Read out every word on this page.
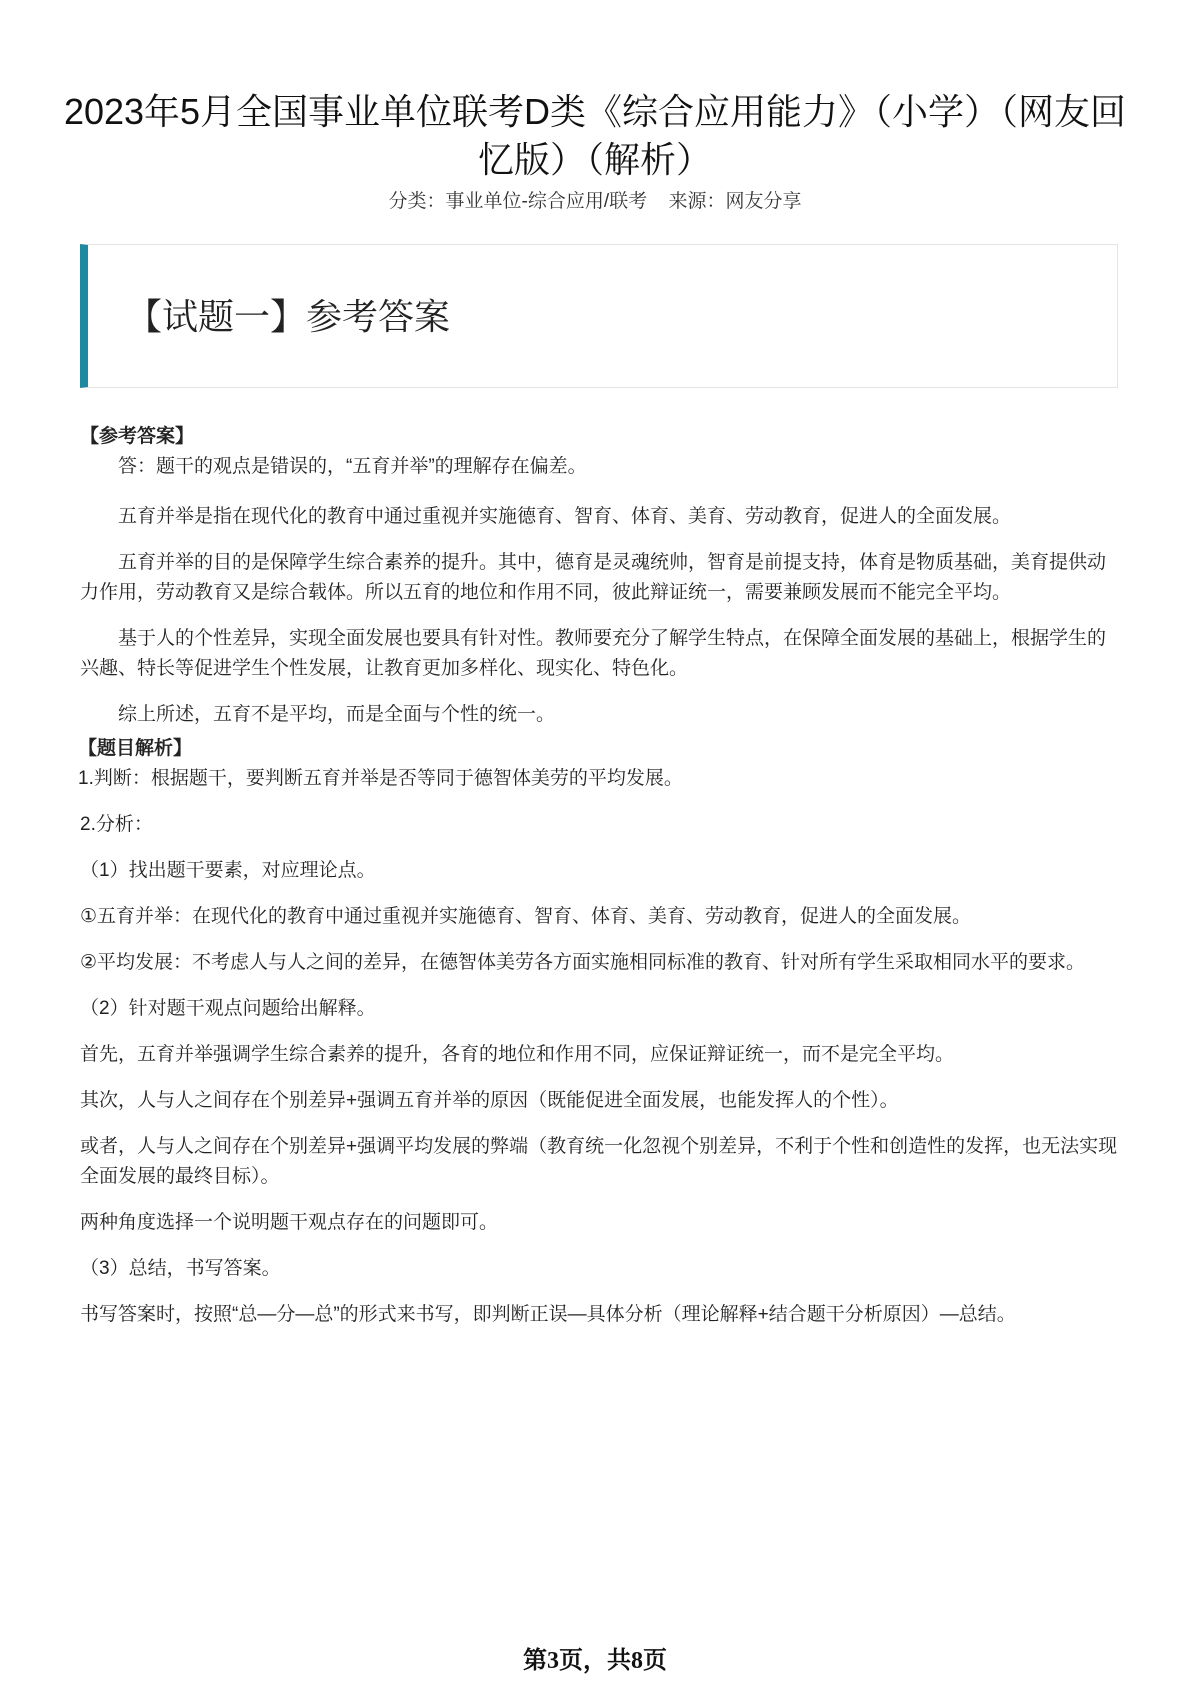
2023年5月全国事业单位联考D类《综合应用能力》（小学）（网友回忆版）（解析）
分类：事业单位-综合应用/联考 来源：网友分享
【试题一】参考答案
【参考答案】

答：题干的观点是错误的，“五育并举”的理解存在偏差。

五育并举是指在现代化的教育中通过重视并实施德育、智育、体育、美育、劳动教育，促进人的全面发展。

五育并举的目的是保障学生综合素养的提升。其中，德育是灵魂统帅，智育是前提支持，体育是物质基础，美育提供动力作用，劳动教育又是综合载体。所以五育的地位和作用不同，彼此辩证统一，需要兼顾发展而不能完全平均。

基于人的个性差异，实现全面发展也要具有针对性。教师要充分了解学生特点，在保障全面发展的基础上，根据学生的兴趣、特长等促进学生个性发展，让教育更加多样化、现实化、特色化。

综上所述，五育不是平均，而是全面与个性的统一。

【题目解析】

1.判断：根据题干，要判断五育并举是否等同于德智体美劳的平均发展。

2.分析：

（1）找出题干要素，对应理论点。

①五育并举：在现代化的教育中通过重视并实施德育、智育、体育、美育、劳动教育，促进人的全面发展。

②平均发展：不考虑人与人之间的差异，在德智体美劳各方面实施相同标准的教育、针对所有学生采取相同水平的要求。

（2）针对题干观点问题给出解释。

首先，五育并举强调学生综合素养的提升，各育的地位和作用不同，应保证辩证统一，而不是完全平均。

其次，人与人之间存在个别差异+强调五育并举的原因（既能促进全面发展，也能发挥人的个性）。

或者，人与人之间存在个别差异+强调平均发展的弊端（教育统一化忽视个别差异，不利于个性和创造性的发挥，也无法实现全面发展的最终目标）。

两种角度选择一个说明题干观点存在的问题即可。

（3）总结，书写答案。

书写答案时，按照“总—分—总”的形式来书写，即判断正误—具体分析（理论解释+结合题干分析原因）—总结。

第3页，共8页
